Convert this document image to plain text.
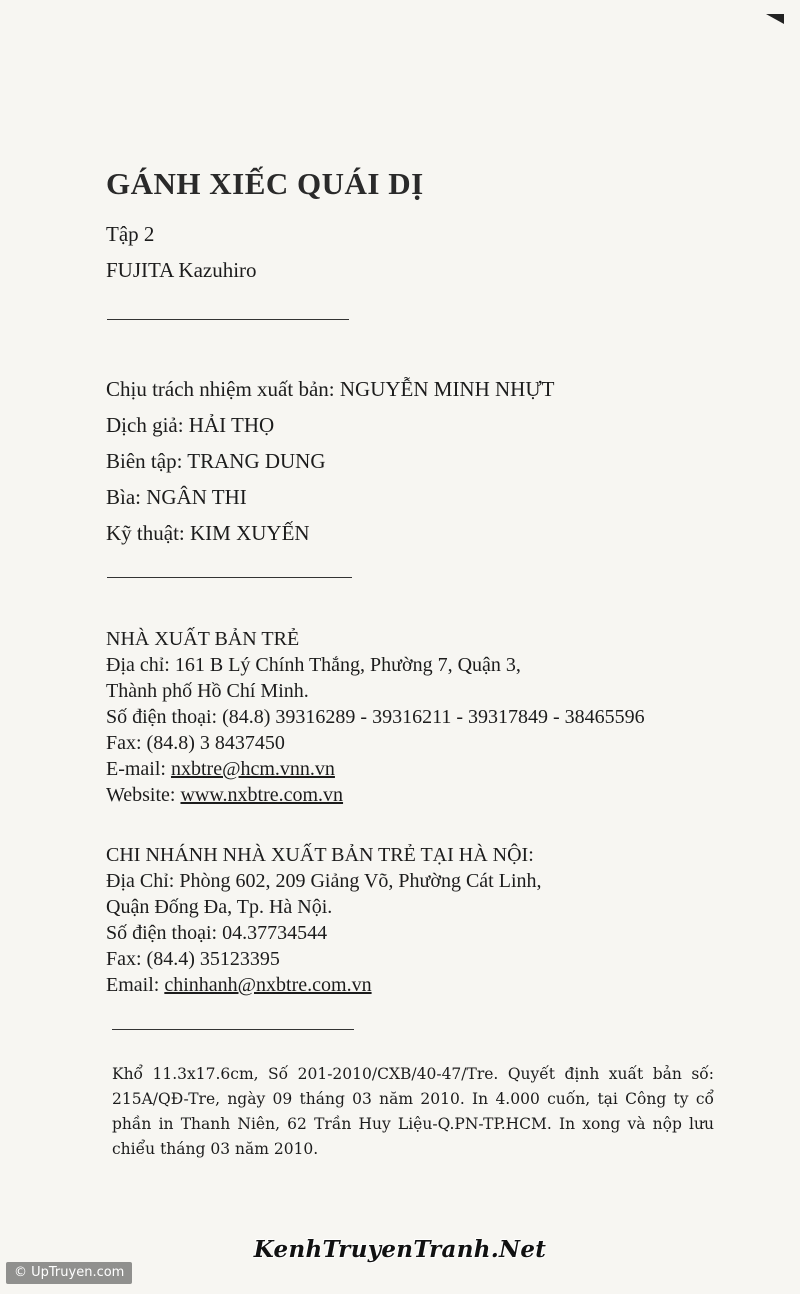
GÁNH XIẾC QUÁI DỊ

Tập 2

FUJITA Kazuhiro

Chịu trách nhiệm xuất bản: NGUYỄN MINH NHỰT
Dịch giả: HẢI THỌ
Biên tập: TRANG DUNG
Bìa: NGÂN THI
Kỹ thuật: KIM XUYẾN
NHÀ XUẤT BẢN TRẺ
Địa chỉ: 161 B Lý Chính Thắng, Phường 7, Quận 3,
Thành phố Hồ Chí Minh.
Số điện thoại: (84.8) 39316289 - 39316211 - 39317849 - 38465596
Fax: (84.8) 3 8437450
E-mail: nxbtre@hcm.vnn.vn
Website: www.nxbtre.com.vn
CHI NHÁNH NHÀ XUẤT BẢN TRẺ TẠI HÀ NỘI:
Địa Chỉ: Phòng 602, 209 Giảng Võ, Phường Cát Linh,
Quận Đống Đa, Tp. Hà Nội.
Số điện thoại: 04.37734544
Fax: (84.4) 35123395
Email: chinhanh@nxbtre.com.vn

Khổ 11.3x17.6cm, Số 201-2010/CXB/40-47/Tre. Quyết định xuất bản số: 215A/QĐ-Tre, ngày 09 tháng 03 năm 2010. In 4.000 cuốn, tại Công ty cổ phần in Thanh Niên, 62 Trần Huy Liệu-Q.PN-TP.HCM. In xong và nộp lưu chiểu tháng 03 năm 2010.

KenhTruyenTranh.Net
© UpTruyen.com
